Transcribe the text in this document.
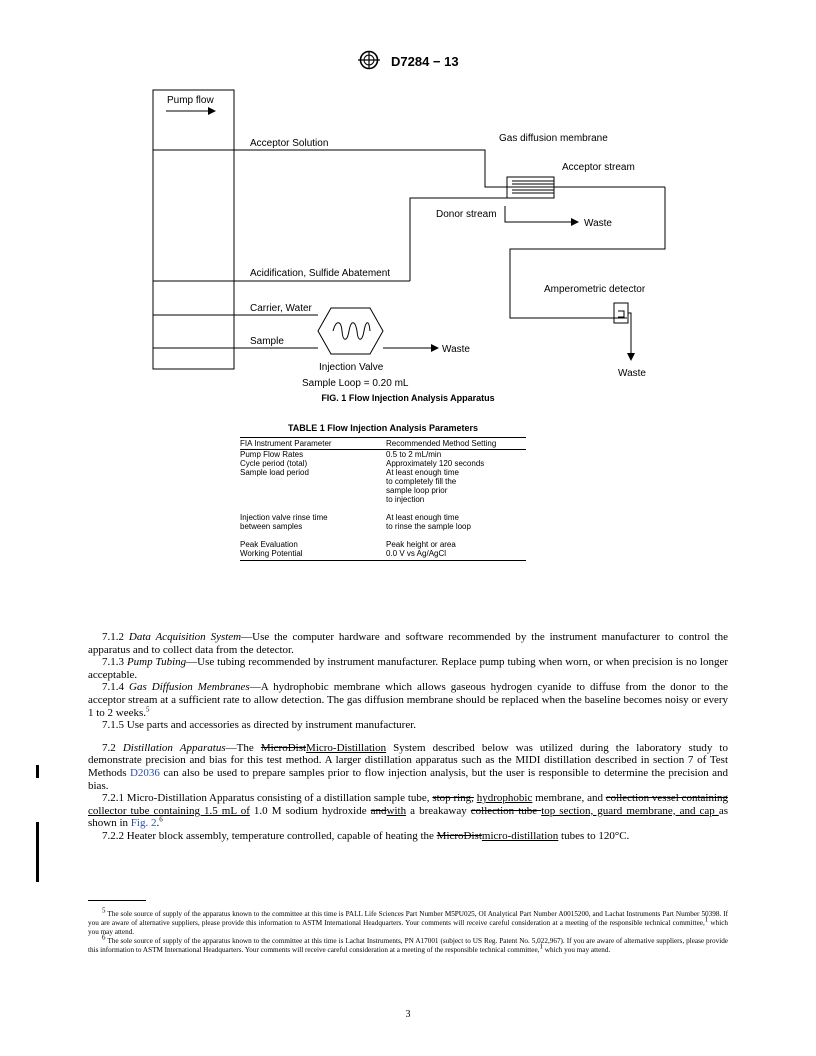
D7284 − 13
Pump flow
Acceptor Solution	Gas diffusion membrane
Acceptor stream
Donor stream
Waste
Acidification, Sulfide Abatement
Amperometric detector
Carrier, Water
Sample
Waste
Waste
Injection Valve
Sample Loop = 0.20 mL
FIG. 1 Flow Injection Analysis Apparatus
TABLE 1 Flow Injection Analysis Parameters
FIA Instrument Parameter	Recommended Method Setting
Pump Flow Rates	0.5 to 2 mL/min
Cycle period (total)	Approximately 120 seconds
Sample load period	At least enough time
to completely fill the
sample loop prior
to injection
Injection valve rinse time
between samples	At least enough time
to rinse the sample loop
Peak Evaluation	Peak height or area
Working Potential	0.0 V vs Ag/AgCl

7.1.2 Data Acquisition System—Use the computer hardware and software recommended by the instrument manufacturer to control the apparatus and to collect data from the detector.

7.1.3 Pump Tubing—Use tubing recommended by instrument manufacturer. Replace pump tubing when worn, or when precision is no longer acceptable.

7.1.4 Gas Diffusion Membranes—A hydrophobic membrane which allows gaseous hydrogen cyanide to diffuse from the donor to the acceptor stream at a sufficient rate to allow detection. The gas diffusion membrane should be replaced when the baseline becomes noisy or every 1 to 2 weeks.$^5$

7.1.5 Use parts and accessories as directed by instrument manufacturer.

7.2 Distillation Apparatus—The MicroDistMicro-Distillation System described below was utilized during the laboratory study to demonstrate precision and bias for this test method. A larger distillation apparatus such as the MIDI distillation described in section 7 of Test Methods D2036 can also be used to prepare samples prior to flow injection analysis, but the user is responsible to determine the precision and bias.

7.2.1 Micro-Distillation Apparatus consisting of a distillation sample tube, stop ring, hydrophobic membrane, and collection vessel containing collector tube containing 1.5 mL of 1.0 M sodium hydroxide andwith a breakaway collection tube top section, guard membrane, and cap as shown in Fig. 2.$^6$

7.2.2 Heater block assembly, temperature controlled, capable of heating the MicroDistmicro-distillation tubes to 120°C.

$^5$ The sole source of supply of the apparatus known to the committee at this time is PALL Life Sciences Part Number M5PU025, OI Analytical Part Number A0015200, and Lachat Instruments Part Number 50398. If you are aware of alternative suppliers, please provide this information to ASTM International Headquarters. Your comments will receive careful consideration at a meeting of the responsible technical committee,$^1$ which you may attend.

$^6$ The sole source of supply of the apparatus known to the committee at this time is Lachat Instruments, PN A17001 (subject to US Reg. Patent No. 5,022,967). If you are aware of alternative suppliers, please provide this information to ASTM International Headquarters. Your comments will receive careful consideration at a meeting of the responsible technical committee,$^1$ which you may attend.

3
